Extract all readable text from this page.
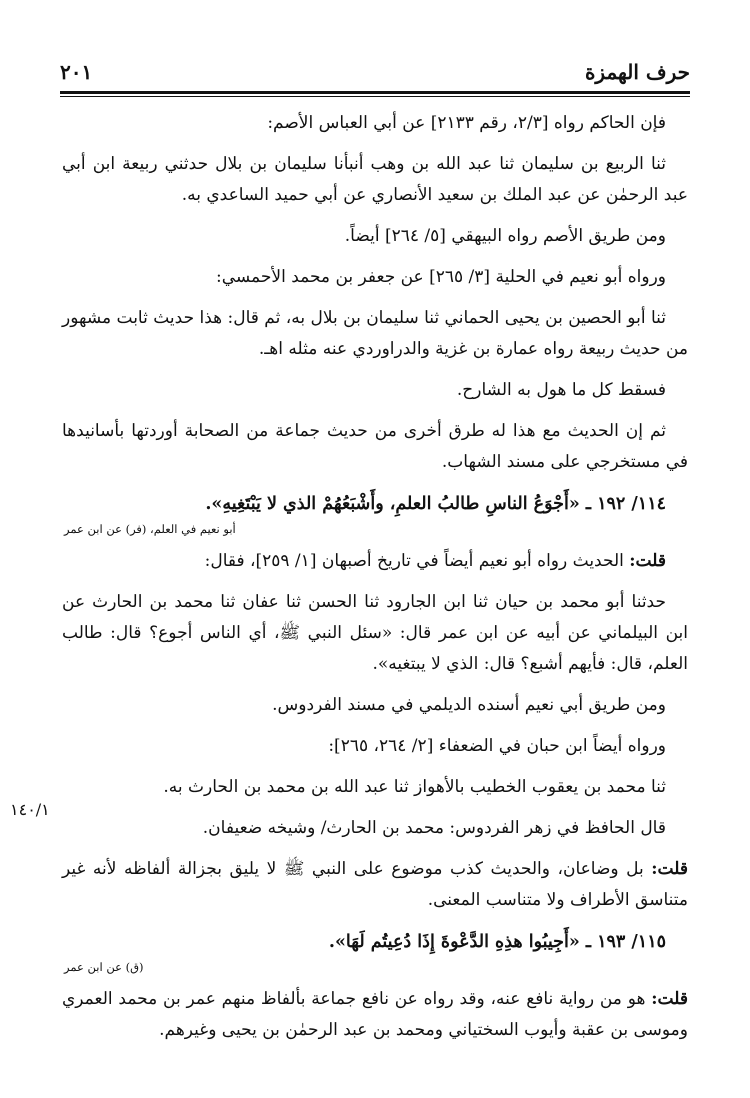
حرف الهمزة
٢٠١
١٤٠/١

فإن الحاكم رواه [٢/٣، رقم ٢١٣٣] عن أبي العباس الأصم:

ثنا الربيع بن سليمان ثنا عبد الله بن وهب أنبأنا سليمان بن بلال حدثني ربيعة ابن أبي عبد الرحمٰن عن عبد الملك بن سعيد الأنصاري عن أبي حميد الساعدي به.

ومن طريق الأصم رواه البيهقي [٥/ ٢٦٤] أيضاً.

ورواه أبو نعيم في الحلية [٣/ ٢٦٥] عن جعفر بن محمد الأحمسي:

ثنا أبو الحصين بن يحيى الحماني ثنا سليمان بن بلال به، ثم قال: هذا حديث ثابت مشهور من حديث ربيعة رواه عمارة بن غزية والدراوردي عنه مثله اهـ.

فسقط كل ما هول به الشارح.

ثم إن الحديث مع هذا له طرق أخرى من حديث جماعة من الصحابة أوردتها بأسانيدها في مستخرجي على مسند الشهاب.

١١٤/ ١٩٢ ـ «أَجْوَعُ الناسِ طالبُ العلمِ، وأَشْبَعُهُمْ الذي لا يَبْتَغِيهِ».

أبو نعيم في العلم، (فر) عن ابن عمر

قلت: الحديث رواه أبو نعيم أيضاً في تاريخ أصبهان [١/ ٢٥٩]، فقال:

حدثنا أبو محمد بن حيان ثنا ابن الجارود ثنا الحسن ثنا عفان ثنا محمد بن الحارث عن ابن البيلماني عن أبيه عن ابن عمر قال: «سئل النبي ﷺ، أي الناس أجوع؟ قال: طالب العلم، قال: فأيهم أشبع؟ قال: الذي لا يبتغيه».

ومن طريق أبي نعيم أسنده الديلمي في مسند الفردوس.

ورواه أيضاً ابن حبان في الضعفاء [٢/ ٢٦٤، ٢٦٥]:

ثنا محمد بن يعقوب الخطيب بالأهواز ثنا عبد الله بن محمد بن الحارث به.

قال الحافظ في زهر الفردوس: محمد بن الحارث/ وشيخه ضعيفان.

قلت: بل وضاعان، والحديث كذب موضوع على النبي ﷺ لا يليق بجزالة ألفاظه لأنه غير متناسق الأطراف ولا متناسب المعنى.

١١٥/ ١٩٣ ـ «أَجِيبُوا هذِهِ الدَّعْوةَ إِذَا دُعِيتُم لَهَا».

(ق) عن ابن عمر

قلت: هو من رواية نافع عنه، وقد رواه عن نافع جماعة بألفاظ منهم عمر بن محمد العمري وموسى بن عقبة وأيوب السختياني ومحمد بن عبد الرحمٰن بن يحيى وغيرهم.
